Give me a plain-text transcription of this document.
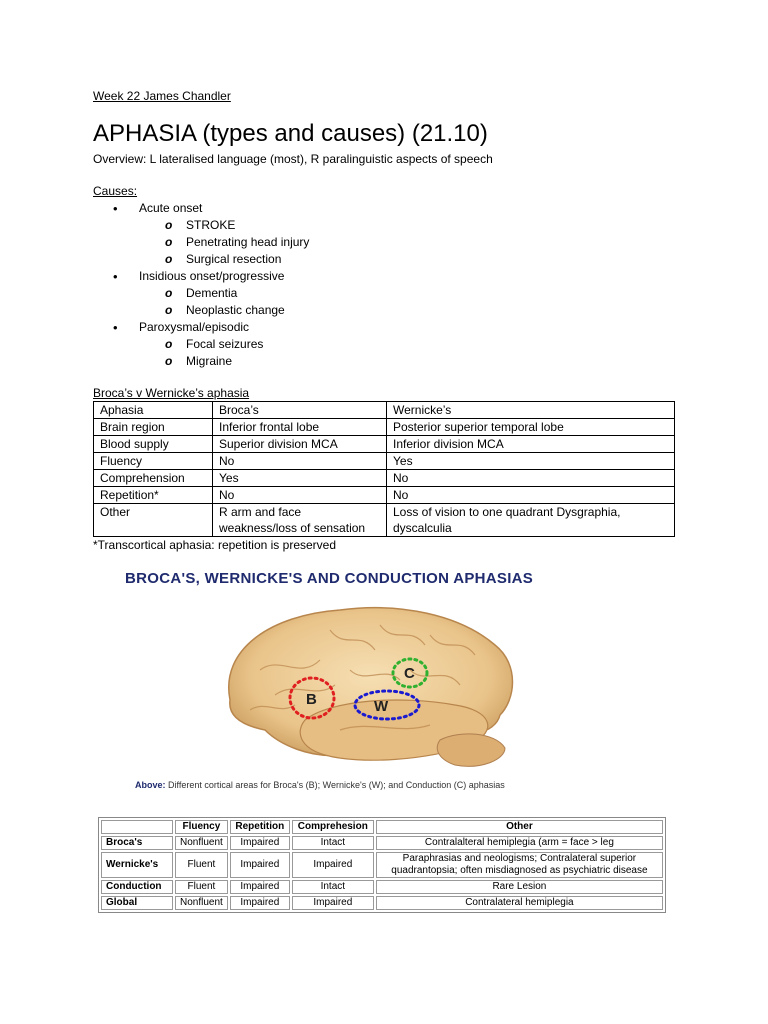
Week 22 James Chandler
APHASIA (types and causes) (21.10)
Overview: L lateralised language (most), R paralinguistic aspects of speech
Causes:
• Acute onset
o STROKE
o Penetrating head injury
o Surgical resection
• Insidious onset/progressive
o Dementia
o Neoplastic change
• Paroxysmal/episodic
o Focal seizures
o Migraine
Broca’s v Wernicke’s aphasia
Aphasia	Broca’s	Wernicke’s
Brain region	Inferior frontal lobe	Posterior superior temporal lobe
Blood supply	Superior division MCA	Inferior division MCA
Fluency	No	Yes
Comprehension	Yes	No
Repetition*	No	No
Other	R arm and face weakness/loss of sensation	Loss of vision to one quadrant Dysgraphia, dyscalculia
*Transcortical aphasia: repetition is preserved
B	W
C
BROCA'S, WERNICKE'S AND CONDUCTION APHASIAS
Above: Different cortical areas for Broca's (B); Wernicke's (W); and Conduction (C) aphasias
	Fluency	Repetition	Comprehesion	Other
Broca's	Nonfluent	Impaired	Intact	Contralalteral hemiplegia (arm = face > leg
Wernicke's	Fluent	Impaired	Impaired	Paraphrasias and neologisms; Contralateral superior quadrantopsia; often misdiagnosed as psychiatric disease
Conduction	Fluent	Impaired	Intact	Rare Lesion
Global	Nonfluent	Impaired	Impaired	Contralateral hemiplegia
